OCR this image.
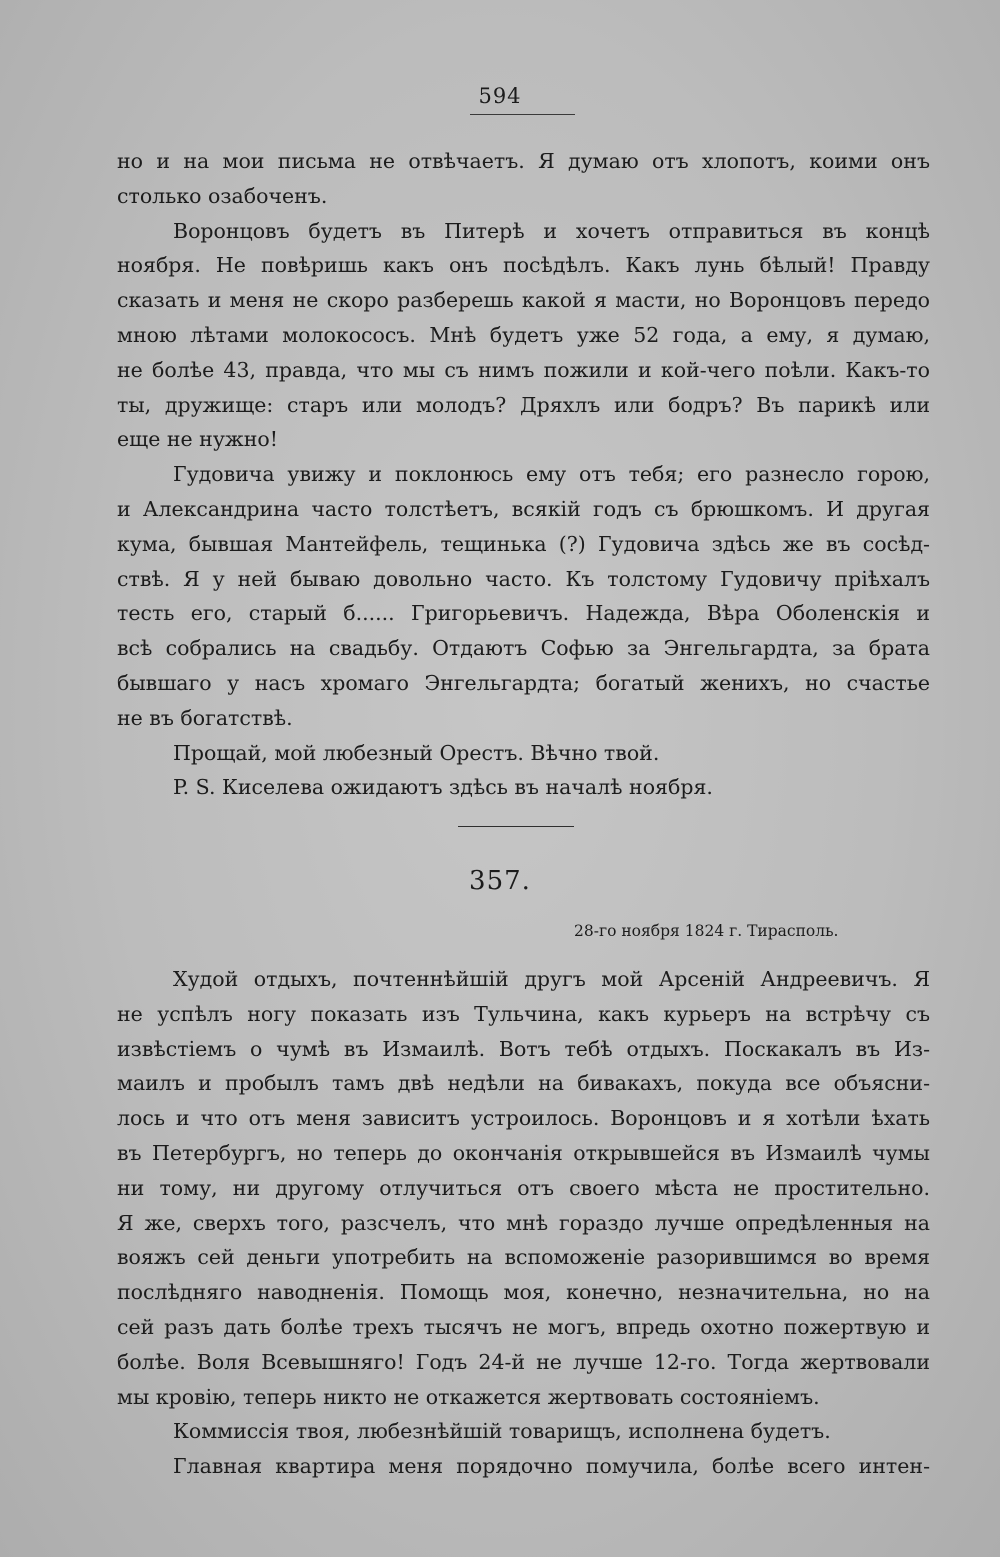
594
но и на мои письма не отвѣчаетъ. Я думаю отъ хлопотъ, коими онъ
столько озабоченъ.
Воронцовъ будетъ въ Питерѣ и хочетъ отправиться въ концѣ
ноября. Не повѣришь какъ онъ посѣдѣлъ. Какъ лунь бѣлый! Правду
сказать и меня не скоро разберешь какой я масти, но Воронцовъ передо
мною лѣтами молокососъ. Мнѣ будетъ уже 52 года, а ему, я думаю,
не болѣе 43, правда, что мы съ нимъ пожили и кой-чего поѣли. Какъ-то
ты, дружище: старъ или молодъ? Дряхлъ или бодръ? Въ парикѣ или
еще не нужно!
Гудовича увижу и поклонюсь ему отъ тебя; его разнесло горою,
и Александрина часто толстѣетъ, всякій годъ съ брюшкомъ. И другая
кума, бывшая Мантейфель, тещинька (?) Гудовича здѣсь же въ сосѣд-
ствѣ. Я у ней бываю довольно часто. Къ толстому Гудовичу пріѣхалъ
тесть его, старый б...... Григорьевичъ. Надежда, Вѣра Оболенскія и
всѣ собрались на свадьбу. Отдаютъ Софью за Энгельгардта, за брата
бывшаго у насъ хромаго Энгельгардта; богатый женихъ, но счастье
не въ богатствѣ.
Прощай, мой любезный Орестъ. Вѣчно твой.
P. S. Киселева ожидаютъ здѣсь въ началѣ ноября.
357.
28-го ноября 1824 г. Тирасполь.
Худой отдыхъ, почтеннѣйшій другъ мой Арсеній Андреевичъ. Я
не успѣлъ ногу показать изъ Тульчина, какъ курьеръ на встрѣчу съ
извѣстіемъ о чумѣ въ Измаилѣ. Вотъ тебѣ отдыхъ. Поскакалъ въ Из-
маилъ и пробылъ тамъ двѣ недѣли на бивакахъ, покуда все объясни-
лось и что отъ меня зависитъ устроилось. Воронцовъ и я хотѣли ѣхать
въ Петербургъ, но теперь до окончанія открывшейся въ Измаилѣ чумы
ни тому, ни другому отлучиться отъ своего мѣста не простительно.
Я же, сверхъ того, разсчелъ, что мнѣ гораздо лучше опредѣленныя на
вояжъ сей деньги употребить на вспоможеніе разорившимся во время
послѣдняго наводненія. Помощь моя, конечно, незначительна, но на
сей разъ дать болѣе трехъ тысячъ не могъ, впредь охотно пожертвую и
болѣе. Воля Всевышняго! Годъ 24-й не лучше 12-го. Тогда жертвовали
мы кровію, теперь никто не откажется жертвовать состояніемъ.
Коммиссія твоя, любезнѣйшій товарищъ, исполнена будетъ.
Главная квартира меня порядочно помучила, болѣе всего интен-
